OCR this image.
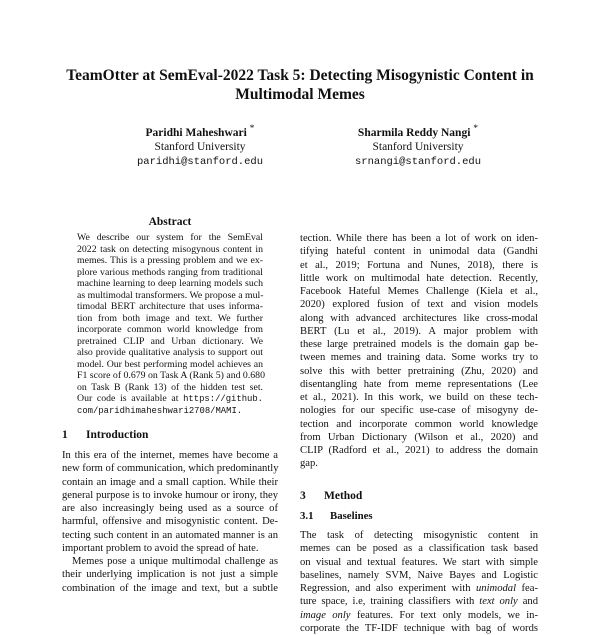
TeamOtter at SemEval-2022 Task 5: Detecting Misogynistic Content in
Multimodal Memes
Paridhi Maheshwari *
Stanford University
paridhi@stanford.edu
Sharmila Reddy Nangi *
Stanford University
srnangi@stanford.edu
Abstract
We describe our system for the SemEval
2022 task on detecting misogynous content in
memes. This is a pressing problem and we ex-
plore various methods ranging from traditional
machine learning to deep learning models such
as multimodal transformers. We propose a mul-
timodal BERT architecture that uses informa-
tion from both image and text. We further
incorporate common world knowledge from
pretrained CLIP and Urban dictionary. We
also provide qualitative analysis to support out
model. Our best performing model achieves an
F1 score of 0.679 on Task A (Rank 5) and 0.680
on Task B (Rank 13) of the hidden test set.
Our code is available at https://github.
com/paridhimaheshwari2708/MAMI.
1 Introduction
In this era of the internet, memes have become a
new form of communication, which predominantly
contain an image and a small caption. While their
general purpose is to invoke humour or irony, they
are also increasingly being used as a source of
harmful, offensive and misogynistic content. De-
tecting such content in an automated manner is an
important problem to avoid the spread of hate.
Memes pose a unique multimodal challenge as
their underlying implication is not just a simple
combination of the image and text, but a subtle
tection. While there has been a lot of work on iden-
tifying hateful content in unimodal data (Gandhi
et al., 2019; Fortuna and Nunes, 2018), there is
little work on multimodal hate detection. Recently,
Facebook Hateful Memes Challenge (Kiela et al.,
2020) explored fusion of text and vision models
along with advanced architectures like cross-modal
BERT (Lu et al., 2019). A major problem with
these large pretrained models is the domain gap be-
tween memes and training data. Some works try to
solve this with better pretraining (Zhu, 2020) and
disentangling hate from meme representations (Lee
et al., 2021). In this work, we build on these tech-
nologies for our specific use-case of misogyny de-
tection and incorporate common world knowledge
from Urban Dictionary (Wilson et al., 2020) and
CLIP (Radford et al., 2021) to address the domain
gap.
3 Method
3.1 Baselines
The task of detecting misogynistic content in
memes can be posed as a classification task based
on visual and textual features. We start with simple
baselines, namely SVM, Naive Bayes and Logistic
Regression, and also experiment with unimodal fea-
ture space, i.e, training classifiers with text only and
image only features. For text only models, we in-
corporate the TF-IDF technique with bag of words
